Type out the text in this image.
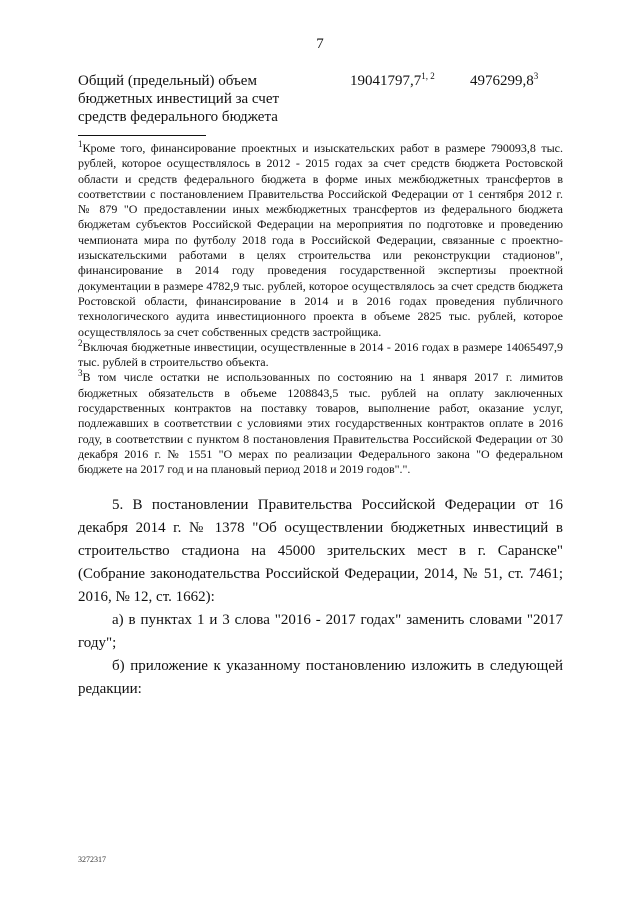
7
Общий (предельный) объем бюджетных инвестиций за счет средств федерального бюджета
19041797,7$^{1, 2}$ 4976299,8$^3$

$^1$Кроме того, финансирование проектных и изыскательских работ в размере 790093,8 тыс. рублей, которое осуществлялось в 2012 - 2015 годах за счет средств бюджета Ростовской области и средств федерального бюджета в форме иных межбюджетных трансфертов в соответствии с постановлением Правительства Российской Федерации от 1 сентября 2012 г. № 879 "О предоставлении иных межбюджетных трансфертов из федерального бюджета бюджетам субъектов Российской Федерации на мероприятия по подготовке и проведению чемпионата мира по футболу 2018 года в Российской Федерации, связанные с проектно-изыскательскими работами в целях строительства или реконструкции стадионов", финансирование в 2014 году проведения государственной экспертизы проектной документации в размере 4782,9 тыс. рублей, которое осуществлялось за счет средств бюджета Ростовской области, финансирование в 2014 и в 2016 годах проведения публичного технологического аудита инвестиционного проекта в объеме 2825 тыс. рублей, которое осуществлялось за счет собственных средств застройщика.

$^2$Включая бюджетные инвестиции, осуществленные в 2014 - 2016 годах в размере 14065497,9 тыс. рублей в строительство объекта.

$^3$В том числе остатки не использованных по состоянию на 1 января 2017 г. лимитов бюджетных обязательств в объеме 1208843,5 тыс. рублей на оплату заключенных государственных контрактов на поставку товаров, выполнение работ, оказание услуг, подлежавших в соответствии с условиями этих государственных контрактов оплате в 2016 году, в соответствии с пунктом 8 постановления Правительства Российской Федерации от 30 декабря 2016 г. № 1551 "О мерах по реализации Федерального закона "О федеральном бюджете на 2017 год и на плановый период 2018 и 2019 годов".".

5. В постановлении Правительства Российской Федерации от 16 декабря 2014 г. № 1378 "Об осуществлении бюджетных инвестиций в строительство стадиона на 45000 зрительских мест в г. Саранске" (Собрание законодательства Российской Федерации, 2014, № 51, ст. 7461; 2016, № 12, ст. 1662):

а) в пунктах 1 и 3 слова "2016 - 2017 годах" заменить словами "2017 году";

б) приложение к указанному постановлению изложить в следующей редакции:

3272317
